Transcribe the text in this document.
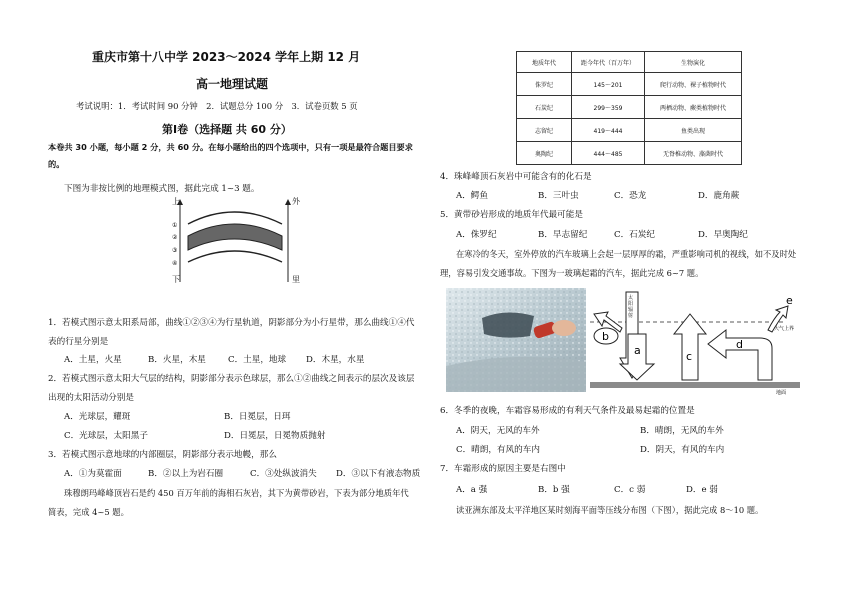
重庆市第十八中学 2023～2024 学年上期 12 月
高一地理试题
考试说明：1．考试时间 90 分钟　2．试题总分 100 分　3．试卷页数 5 页
第Ⅰ卷（选择题 共 60 分）
本卷共 30 小题，每小题 2 分，共 60 分。在每小题给出的四个选项中，只有一项是最符合题目要求的。
下图为非按比例的地理模式图，据此完成 1~3 题。
①
②
③
④
上	外
下	里
1．若模式图示意太阳系局部，曲线①②③④为行星轨道，阴影部分为小行星带，那么曲线①④代
表的行星分别是
A．土星，火星	B．火星，木星	C．土星，地球 D．木星，水星
2．若模式图示意太阳大气层的结构，阴影部分表示色球层，那么①②曲线之间表示的层次及该层
出现的太阳活动分别是
A．光球层，耀斑	B．日冕层，日珥
C．光球层，太阳黑子	D．日冕层，日冕物质抛射
3．若模式图示意地球的内部圈层，阴影部分表示地幔，那么
A．①为莫霍面	B．②以上为岩石圈	C．③处纵波消失 D．③以下有液态物质
珠穆朗玛峰峰顶岩石是约 450 百万年前的海相石灰岩，其下为黄带砂岩，下表为部分地质年代
简表，完成 4~5 题。
地质年代	距今年代（百万年）	生物演化
侏罗纪	145～201	爬行动物、裸子植物时代
石炭纪	299～359	两栖动物、蕨类植物时代
志留纪	419～444	鱼类出现
奥陶纪	444～485	无脊椎动物、藻菌时代
4．珠峰峰顶石灰岩中可能含有的化石是
A．鳄鱼	B．三叶虫	C．恐龙	D．鹿角蕨
5．黄带砂岩形成的地质年代最可能是
A．侏罗纪	B．早志留纪	C．石炭纪	D．早奥陶纪
在寒冷的冬天，室外停放的汽车玻璃上会起一层厚厚的霜，严重影响司机的视线，如不及时处
理，容易引发交通事故。下图为一玻璃起霜的汽车，据此完成 6~7 题。
a
b
c
d
e
大气上界
地面
太阳辐射
6．冬季的夜晚，车霜容易形成的有利天气条件及最易起霜的位置是
A．阴天，无风的车外	B．晴朗，无风的车外
C．晴朗，有风的车内	D．阴天，有风的车内
7．车霜形成的原因主要是右图中
A．a 强	B．b 强	C．c 弱	D．e 弱
读亚洲东部及太平洋地区某时刻海平面等压线分布图（下图），据此完成 8～10 题。
